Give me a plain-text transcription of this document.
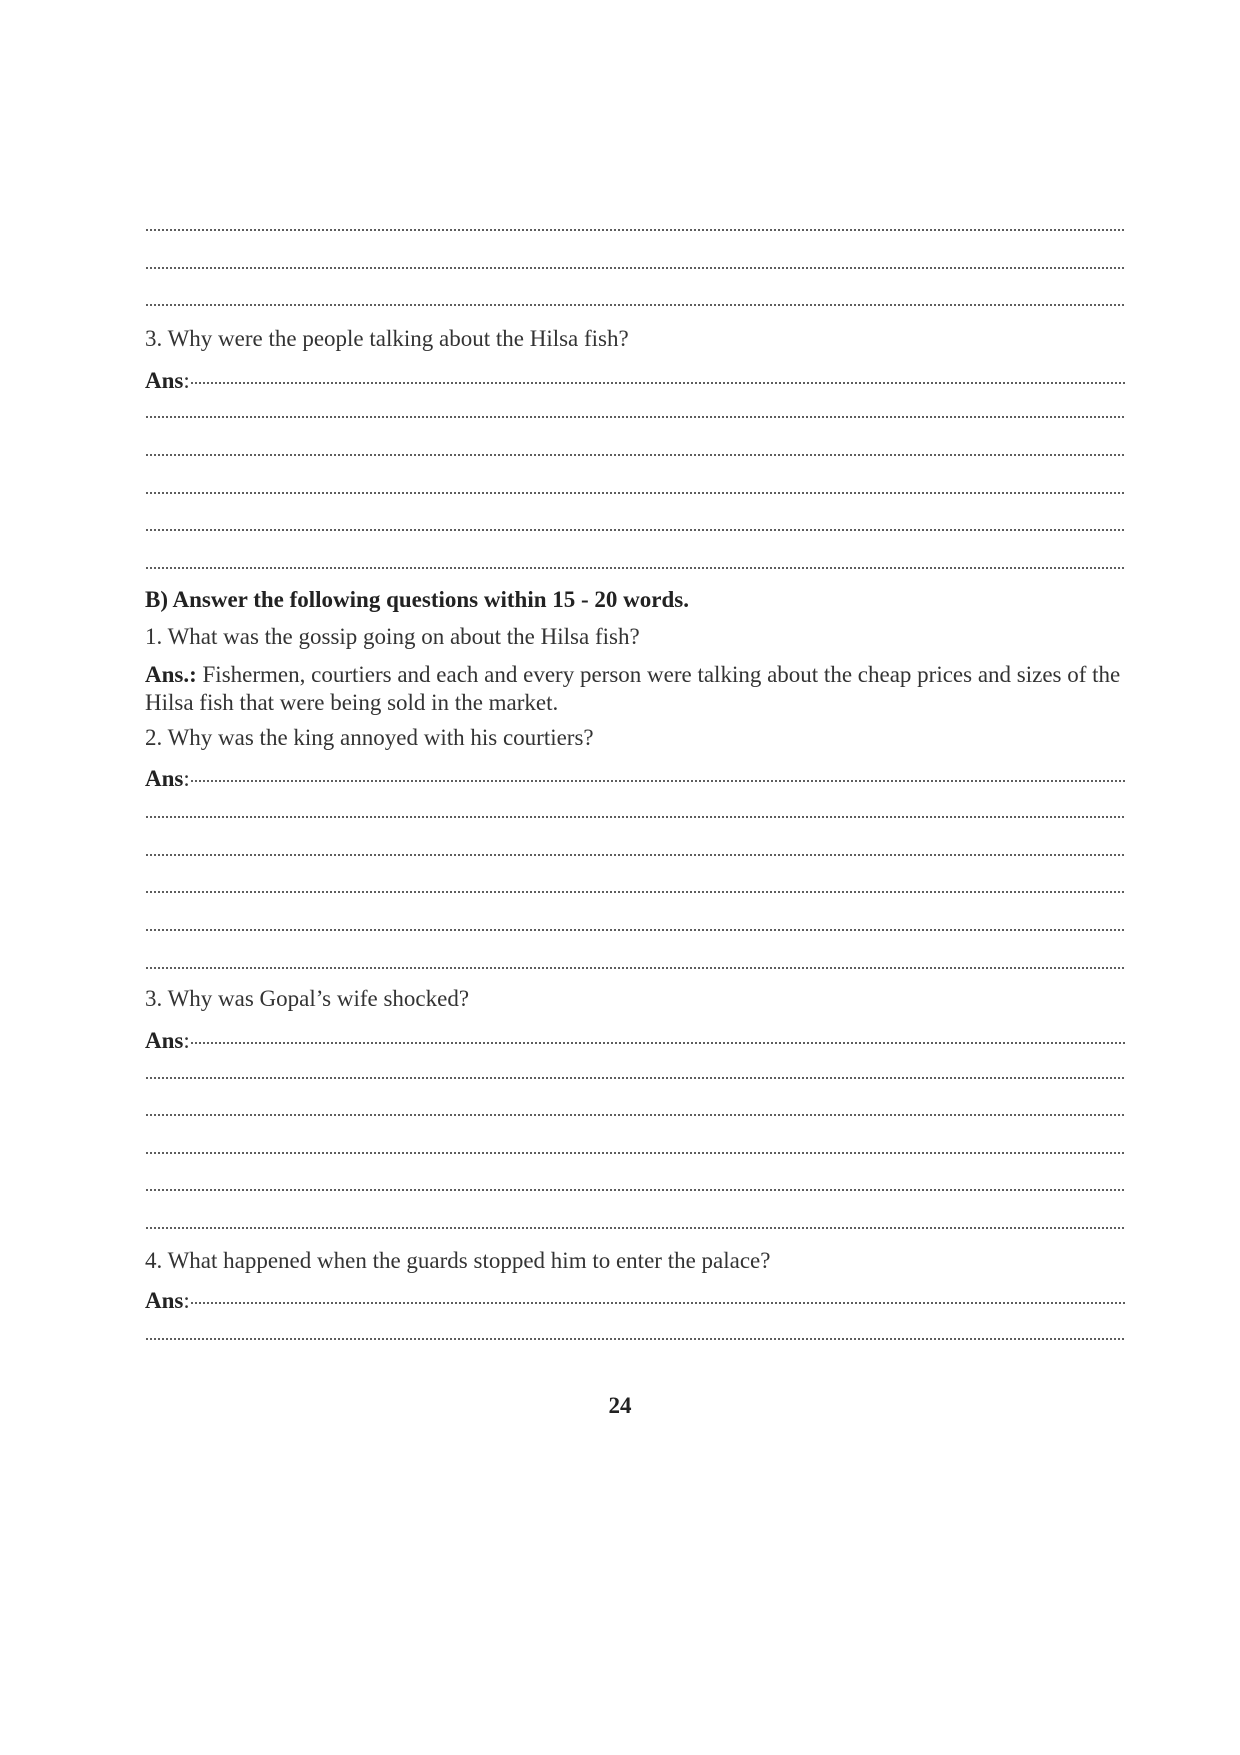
3. Why were the people talking about the Hilsa fish?
Ans :
B) Answer the following questions within 15 - 20 words.
1. What was the gossip going on about the Hilsa fish?
Ans.: Fishermen, courtiers and each and every person were talking about the cheap prices and sizes of the Hilsa fish that were being sold in the market.
2. Why was the king annoyed with his courtiers?
Ans :
3. Why was Gopal’s wife shocked?
Ans :
4. What happened when the guards stopped him to enter the palace?
Ans :
24
